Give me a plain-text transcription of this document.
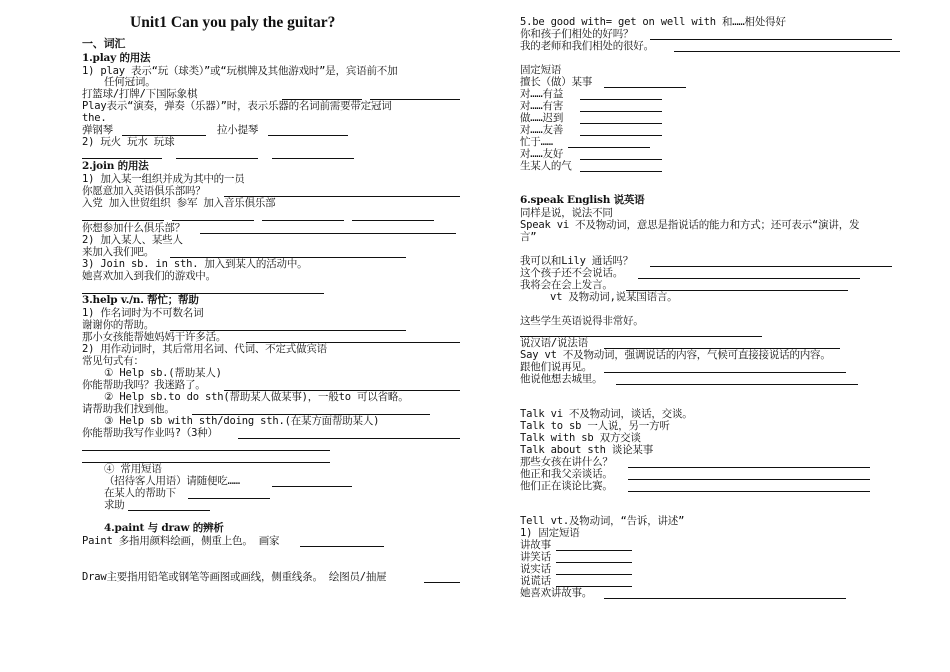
Unit1 Can you paly the guitar?
一、词汇
1.play 的用法
1) play 表示“玩（球类）”或“玩棋牌及其他游戏时”是，宾语前不加
任何冠词。
打篮球/打牌/下国际象棋
Play表示“演奏，弹奏（乐器）”时，表示乐器的名词前需要带定冠词
the.
弹钢琴	拉小提琴
2) 玩火 玩水 玩球
2.join 的用法
1) 加入某一组织并成为其中的一员
你愿意加入英语俱乐部吗？
入党 加入世贸组织 参军 加入音乐俱乐部
你想参加什么俱乐部？
2) 加入某人、某些人
来加入我们吧。
3) Join sb. in sth. 加入到某人的活动中。
她喜欢加入到我们的游戏中。
3.help v./n. 帮忙；帮助
1) 作名词时为不可数名词
谢谢你的帮助。
那小女孩能帮她妈妈干许多活。
2) 用作动词时，其后常用名词、代词、不定式做宾语
常见句式有：
① Help sb.(帮助某人)
你能帮助我吗？我迷路了。
② Help sb.to do sth(帮助某人做某事)，一般to 可以省略。
请帮助我们找到他。
③ Help sb with sth/doing sth.(在某方面帮助某人)
你能帮助我写作业吗?（3种）
④ 常用短语
（招待客人用语）请随便吃……
在某人的帮助下
求助
4.paint 与 draw 的辨析
Paint 多指用颜料绘画，侧重上色。 画家
Draw主要指用铅笔或钢笔等画图或画线，侧重线条。 绘图员/抽屉
5.be good with= get on well with 和……相处得好
你和孩子们相处的好吗？
我的老师和我们相处的很好。
固定短语
擅长（做）某事
对……有益
对……有害
做……迟到
对……友善
忙于……
对……友好
生某人的气
6.speak English 说英语
同样是说，说法不同
Speak vi 不及物动词，意思是指说话的能力和方式；还可表示“演讲，发
言”
我可以和Lily 通话吗？
这个孩子还不会说话。
我将会在会上发言。
vt 及物动词,说某国语言。
这些学生英语说得非常好。
说汉语/说法语
Say vt 不及物动词，强调说话的内容，气候可直接接说话的内容。
跟他们说再见。
他说他想去城里。
Talk vi 不及物动词，谈话，交谈。
Talk to sb 一人说，另一方听
Talk with sb 双方交谈
Talk about sth 谈论某事
那些女孩在讲什么？
他正和我父亲谈话。
他们正在谈论比赛。
Tell vt.及物动词，“告诉，讲述”
1) 固定短语
讲故事
讲笑话
说实话
说谎话
她喜欢讲故事。
